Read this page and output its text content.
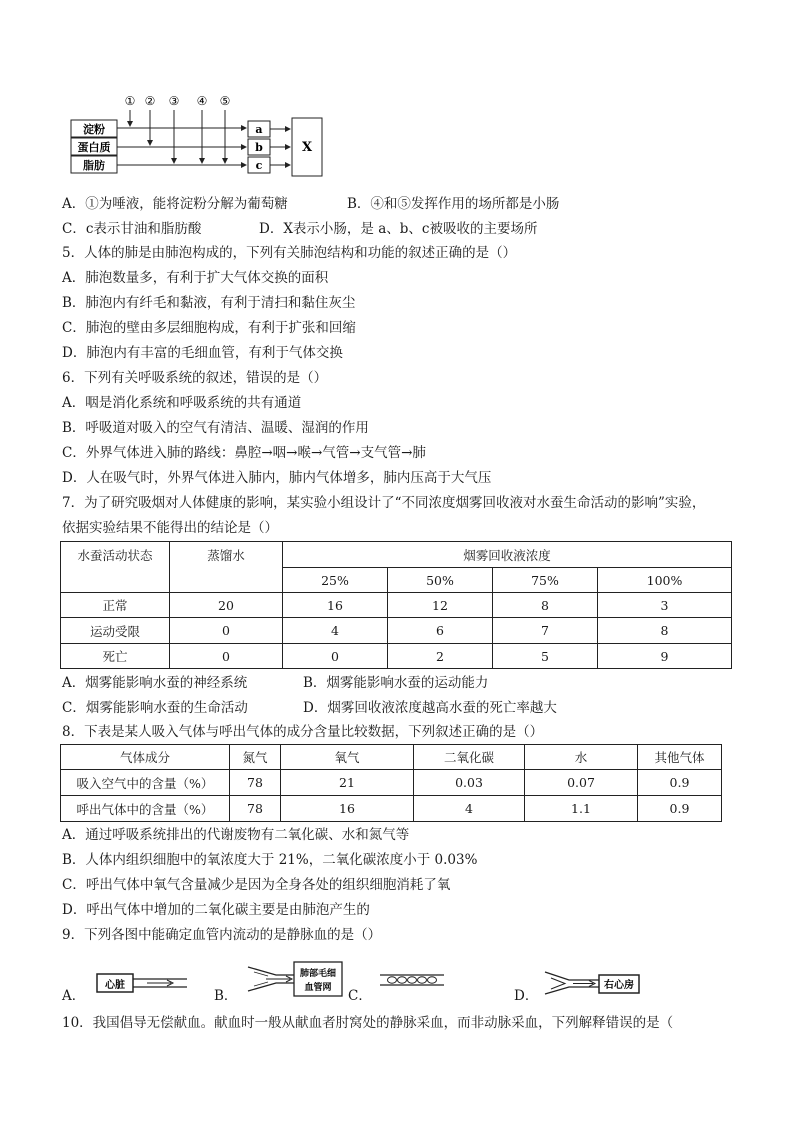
淀粉
蛋白质
脂肪
① ② ③ ④ ⑤
a
b
c
X
A．①为唾液，能将淀粉分解为葡萄糖	B．④和⑤发挥作用的场所都是小肠
C．c表示甘油和脂肪酸	D．X表示小肠，是 a、b、c被吸收的主要场所
5．人体的肺是由肺泡构成的，下列有关肺泡结构和功能的叙述正确的是（）
A．肺泡数量多，有利于扩大气体交换的面积
B．肺泡内有纤毛和黏液，有利于清扫和黏住灰尘
C．肺泡的壁由多层细胞构成，有利于扩张和回缩
D．肺泡内有丰富的毛细血管，有利于气体交换
6．下列有关呼吸系统的叙述，错误的是（）
A．咽是消化系统和呼吸系统的共有通道
B．呼吸道对吸入的空气有清洁、温暖、湿润的作用
C．外界气体进入肺的路线：鼻腔→咽→喉→气管→支气管→肺
D．人在吸气时，外界气体进入肺内，肺内气体增多，肺内压高于大气压
7．为了研究吸烟对人体健康的影响，某实验小组设计了“不同浓度烟雾回收液对水蚕生命活动的影响”实验，
依据实验结果不能得出的结论是（）
水蚕活动状态	蒸馏水	烟雾回收液浓度			
		25%	50%	75%	100%
正常	20	16	12	8	3
运动受限	0	4	6	7	8
死亡	0	0	2	5	9
A．烟雾能影响水蚕的神经系统	B．烟雾能影响水蚕的运动能力
C．烟雾能影响水蚕的生命活动	D．烟雾回收液浓度越高水蚕的死亡率越大
8．下表是某人吸入气体与呼出气体的成分含量比较数据，下列叙述正确的是（）
气体成分	氮气	氧气	二氧化碳	水	其他气体
吸入空气中的含量（%）	78	21	0.03	0.07	0.9
呼出气体中的含量（%）	78	16	4	1.1	0.9
A．通过呼吸系统排出的代谢废物有二氧化碳、水和氮气等
B．人体内组织细胞中的氧浓度大于 21%，二氧化碳浓度小于 0.03%
C．呼出气体中氧气含量减少是因为全身各处的组织细胞消耗了氧
D．呼出气体中增加的二氧化碳主要是由肺泡产生的
9．下列各图中能确定血管内流动的是静脉血的是（）
A．
心脏
B．
肺部毛细
血管网 C．	D．
右心房
10．我国倡导无偿献血。献血时一般从献血者肘窝处的静脉采血，而非动脉采血，下列解释错误的是（
